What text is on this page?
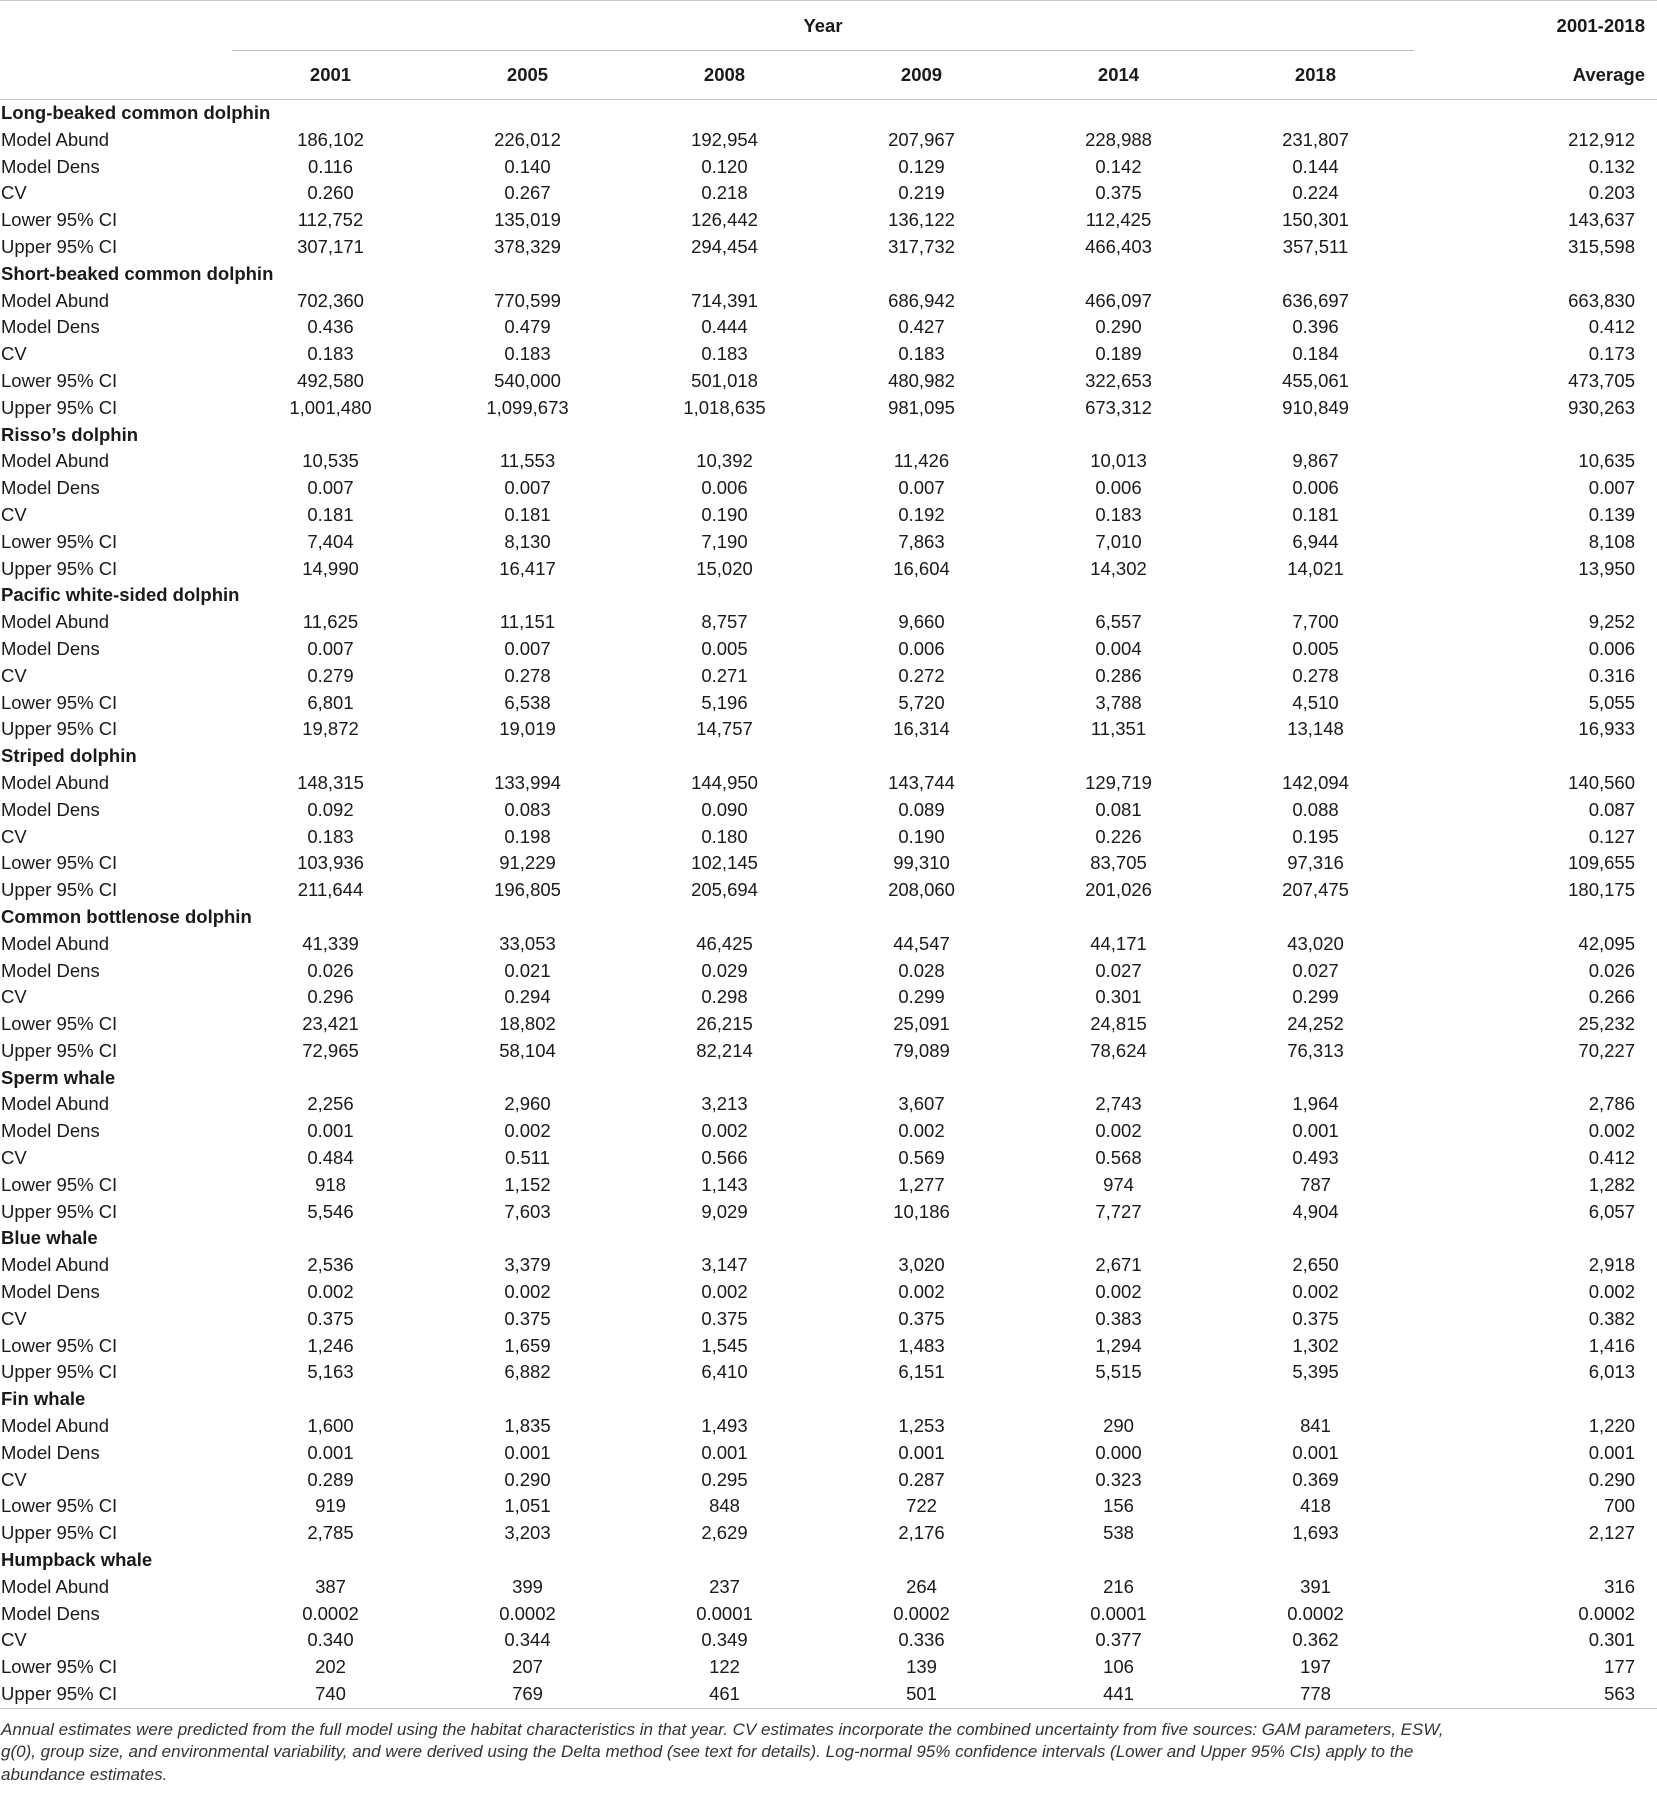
	Year						2001-2018
	2001	2005	2008	2009	2014	2018	Average
Long-beaked common dolphin							
Model Abund	186,102	226,012	192,954	207,967	228,988	231,807	212,912
Model Dens	0.116	0.140	0.120	0.129	0.142	0.144	0.132
CV	0.260	0.267	0.218	0.219	0.375	0.224	0.203
Lower 95% CI	112,752	135,019	126,442	136,122	112,425	150,301	143,637
Upper 95% CI	307,171	378,329	294,454	317,732	466,403	357,511	315,598
Short-beaked common dolphin							
Model Abund	702,360	770,599	714,391	686,942	466,097	636,697	663,830
Model Dens	0.436	0.479	0.444	0.427	0.290	0.396	0.412
CV	0.183	0.183	0.183	0.183	0.189	0.184	0.173
Lower 95% CI	492,580	540,000	501,018	480,982	322,653	455,061	473,705
Upper 95% CI	1,001,480	1,099,673	1,018,635	981,095	673,312	910,849	930,263
Risso’s dolphin							
Model Abund	10,535	11,553	10,392	11,426	10,013	9,867	10,635
Model Dens	0.007	0.007	0.006	0.007	0.006	0.006	0.007
CV	0.181	0.181	0.190	0.192	0.183	0.181	0.139
Lower 95% CI	7,404	8,130	7,190	7,863	7,010	6,944	8,108
Upper 95% CI	14,990	16,417	15,020	16,604	14,302	14,021	13,950
Pacific white-sided dolphin							
Model Abund	11,625	11,151	8,757	9,660	6,557	7,700	9,252
Model Dens	0.007	0.007	0.005	0.006	0.004	0.005	0.006
CV	0.279	0.278	0.271	0.272	0.286	0.278	0.316
Lower 95% CI	6,801	6,538	5,196	5,720	3,788	4,510	5,055
Upper 95% CI	19,872	19,019	14,757	16,314	11,351	13,148	16,933
Striped dolphin							
Model Abund	148,315	133,994	144,950	143,744	129,719	142,094	140,560
Model Dens	0.092	0.083	0.090	0.089	0.081	0.088	0.087
CV	0.183	0.198	0.180	0.190	0.226	0.195	0.127
Lower 95% CI	103,936	91,229	102,145	99,310	83,705	97,316	109,655
Upper 95% CI	211,644	196,805	205,694	208,060	201,026	207,475	180,175
Common bottlenose dolphin							
Model Abund	41,339	33,053	46,425	44,547	44,171	43,020	42,095
Model Dens	0.026	0.021	0.029	0.028	0.027	0.027	0.026
CV	0.296	0.294	0.298	0.299	0.301	0.299	0.266
Lower 95% CI	23,421	18,802	26,215	25,091	24,815	24,252	25,232
Upper 95% CI	72,965	58,104	82,214	79,089	78,624	76,313	70,227
Sperm whale							
Model Abund	2,256	2,960	3,213	3,607	2,743	1,964	2,786
Model Dens	0.001	0.002	0.002	0.002	0.002	0.001	0.002
CV	0.484	0.511	0.566	0.569	0.568	0.493	0.412
Lower 95% CI	918	1,152	1,143	1,277	974	787	1,282
Upper 95% CI	5,546	7,603	9,029	10,186	7,727	4,904	6,057
Blue whale							
Model Abund	2,536	3,379	3,147	3,020	2,671	2,650	2,918
Model Dens	0.002	0.002	0.002	0.002	0.002	0.002	0.002
CV	0.375	0.375	0.375	0.375	0.383	0.375	0.382
Lower 95% CI	1,246	1,659	1,545	1,483	1,294	1,302	1,416
Upper 95% CI	5,163	6,882	6,410	6,151	5,515	5,395	6,013
Fin whale							
Model Abund	1,600	1,835	1,493	1,253	290	841	1,220
Model Dens	0.001	0.001	0.001	0.001	0.000	0.001	0.001
CV	0.289	0.290	0.295	0.287	0.323	0.369	0.290
Lower 95% CI	919	1,051	848	722	156	418	700
Upper 95% CI	2,785	3,203	2,629	2,176	538	1,693	2,127
Humpback whale							
Model Abund	387	399	237	264	216	391	316
Model Dens	0.0002	0.0002	0.0001	0.0002	0.0001	0.0002	0.0002
CV	0.340	0.344	0.349	0.336	0.377	0.362	0.301
Lower 95% CI	202	207	122	139	106	197	177
Upper 95% CI	740	769	461	501	441	778	563
Annual estimates were predicted from the full model using the habitat characteristics in that year. CV estimates incorporate the combined uncertainty from five sources: GAM parameters, ESW, g(0), group size, and environmental variability, and were derived using the Delta method (see text for details). Log-normal 95% confidence intervals (Lower and Upper 95% CIs) apply to the abundance estimates.
